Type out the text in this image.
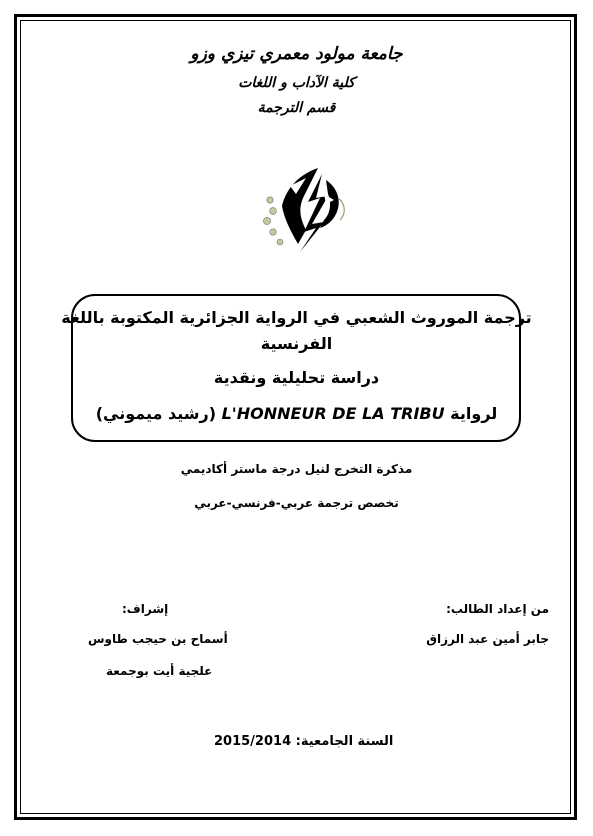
جامعة مولود معمري تيزي وزو
كلية الآداب و اللغات
قسم الترجمة
ترجمة الموروث الشعبي في الرواية الجزائرية المكتوبة باللغة
الفرنسية
دراسة تحليلية ونقدية
لرواية L'HONNEUR DE LA TRIBU (رشيد ميموني)
مذكرة التخرج لنيل درجة ماستر أكاديمي
تخصص ترجمة عربي-فرنسي-عربي
من إعداد الطالب:
جابر أمين عبد الرزاق
إشراف:
أسماح بن حيجب طاوس
علجية أيت بوجمعة
السنة الجامعية: 2015/2014
